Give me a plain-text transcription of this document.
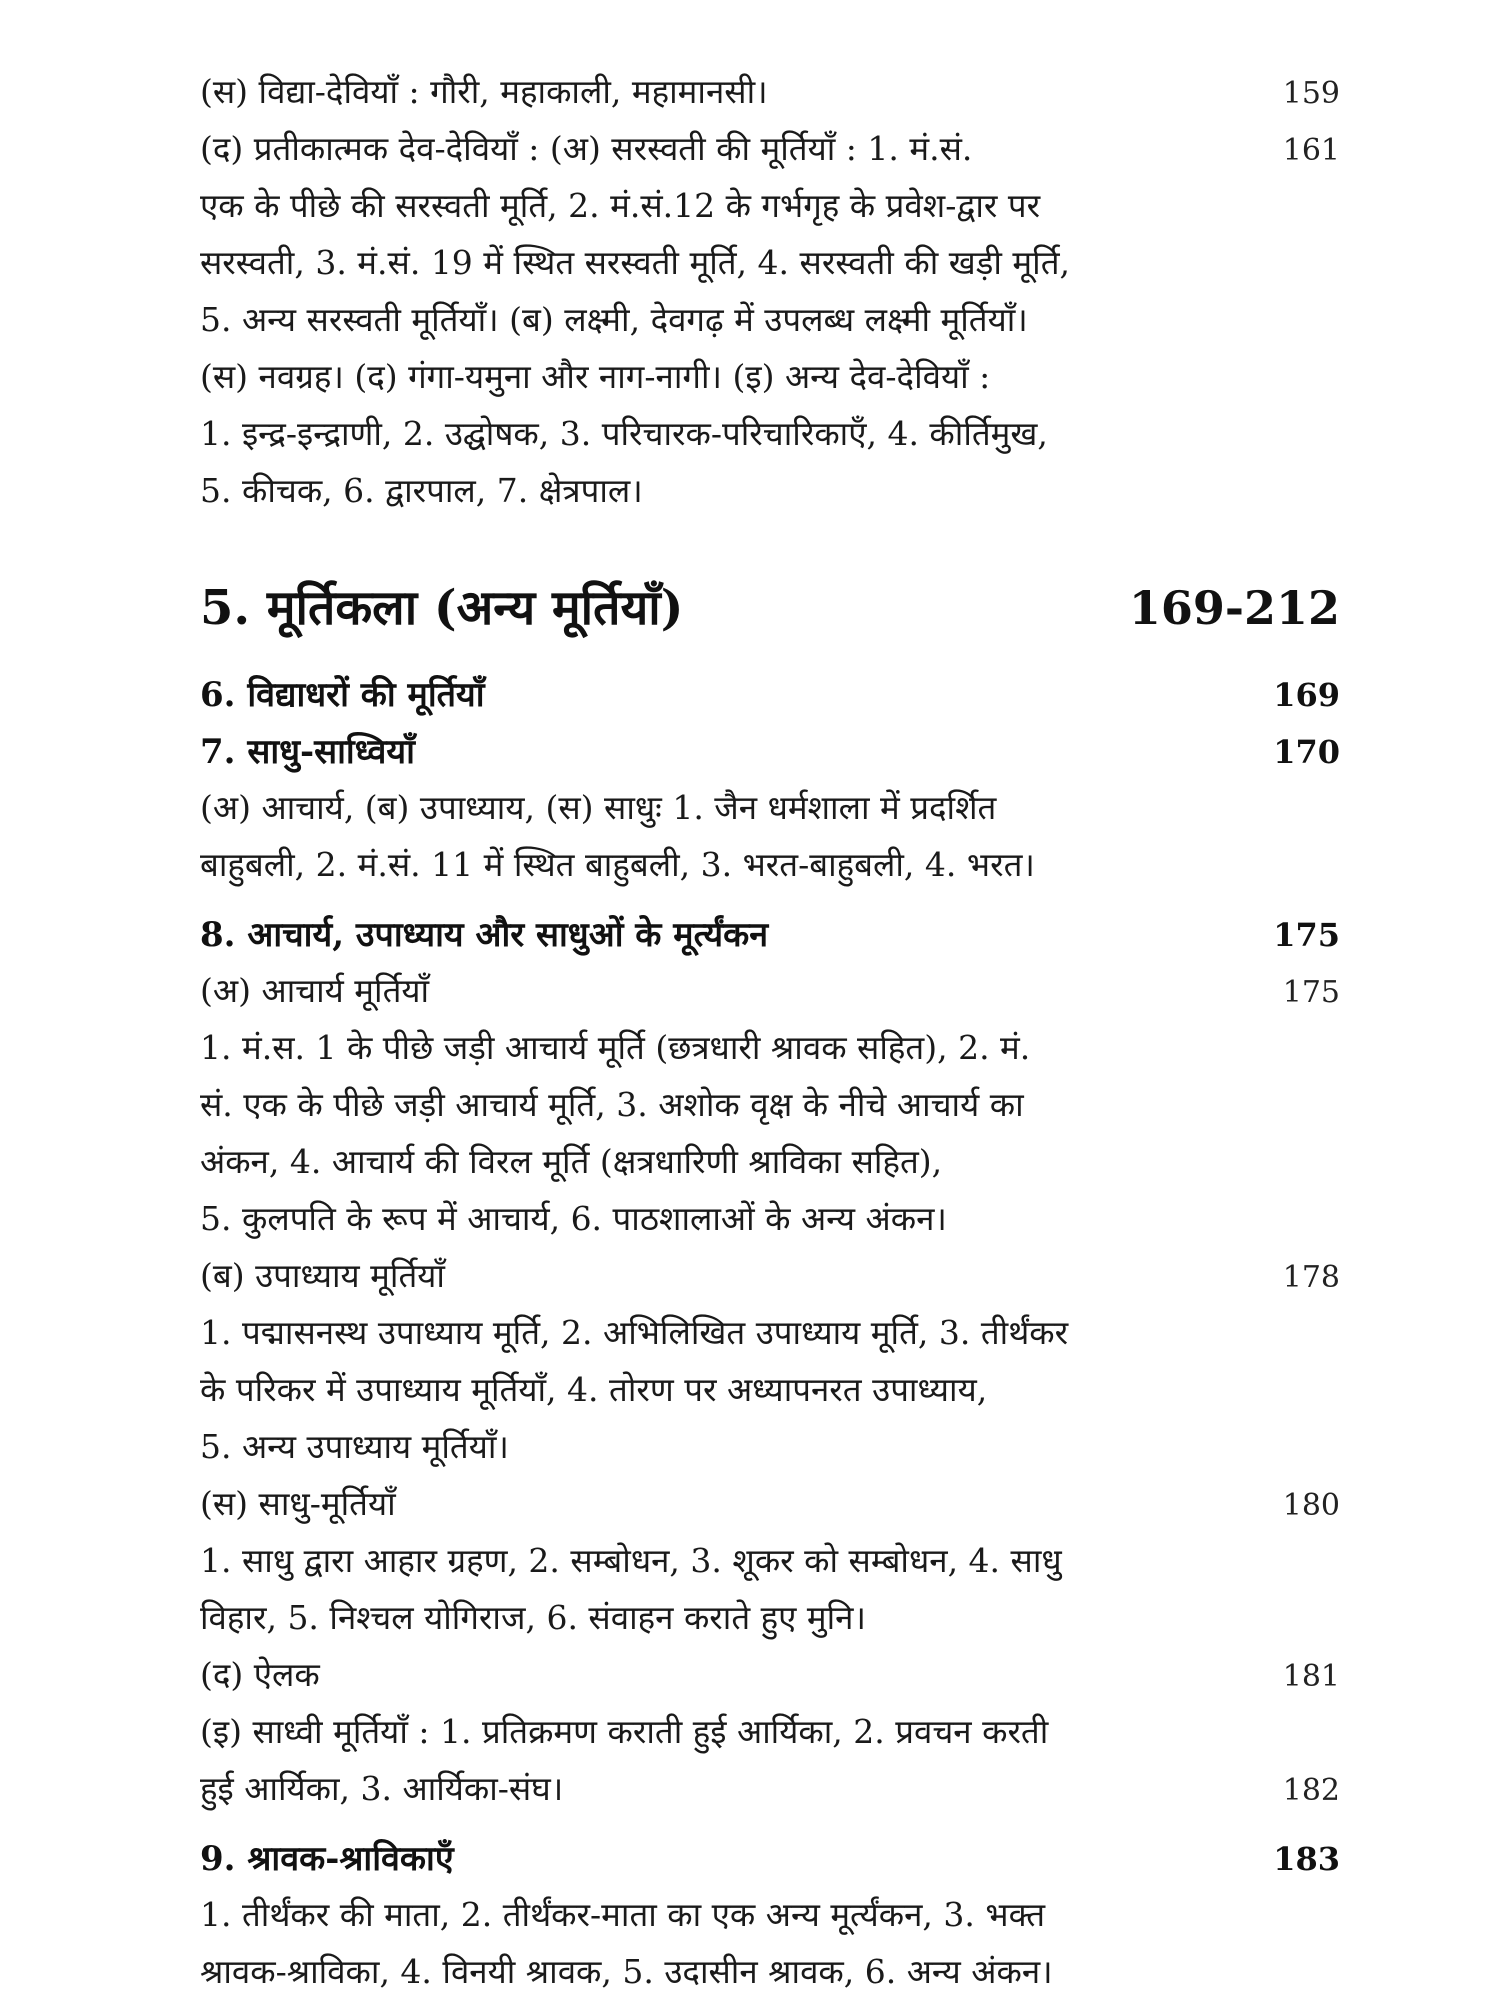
(स) विद्या-देवियाँ : गौरी, महाकाली, महामानसी।	159
(द) प्रतीकात्मक देव-देवियाँ : (अ) सरस्वती की मूर्तियाँ : 1. मं.सं.	161
एक के पीछे की सरस्वती मूर्ति, 2. मं.सं.12 के गर्भगृह के प्रवेश-द्वार पर
सरस्वती, 3. मं.सं. 19 में स्थित सरस्वती मूर्ति, 4. सरस्वती की खड़ी मूर्ति,
5. अन्य सरस्वती मूर्तियाँ। (ब) लक्ष्मी, देवगढ़ में उपलब्ध लक्ष्मी मूर्तियाँ।
(स) नवग्रह। (द) गंगा-यमुना और नाग-नागी। (इ) अन्य देव-देवियाँ :
1. इन्द्र-इन्द्राणी, 2. उद्घोषक, 3. परिचारक-परिचारिकाएँ, 4. कीर्तिमुख,
5. कीचक, 6. द्वारपाल, 7. क्षेत्रपाल।
5. मूर्तिकला (अन्य मूर्तियाँ)	169-212
6. विद्याधरों की मूर्तियाँ	169
7. साधु-साध्वियाँ	170
(अ) आचार्य, (ब) उपाध्याय, (स) साधुः 1. जैन धर्मशाला में प्रदर्शित
बाहुबली, 2. मं.सं. 11 में स्थित बाहुबली, 3. भरत-बाहुबली, 4. भरत।
8. आचार्य, उपाध्याय और साधुओं के मूर्त्यंकन	175
(अ) आचार्य मूर्तियाँ	175
1. मं.स. 1 के पीछे जड़ी आचार्य मूर्ति (छत्रधारी श्रावक सहित), 2. मं.
सं. एक के पीछे जड़ी आचार्य मूर्ति, 3. अशोक वृक्ष के नीचे आचार्य का
अंकन, 4. आचार्य की विरल मूर्ति (क्षत्रधारिणी श्राविका सहित),
5. कुलपति के रूप में आचार्य, 6. पाठशालाओं के अन्य अंकन।
(ब) उपाध्याय मूर्तियाँ	178
1. पद्मासनस्थ उपाध्याय मूर्ति, 2. अभिलिखित उपाध्याय मूर्ति, 3. तीर्थंकर
के परिकर में उपाध्याय मूर्तियाँ, 4. तोरण पर अध्यापनरत उपाध्याय,
5. अन्य उपाध्याय मूर्तियाँ।
(स) साधु-मूर्तियाँ	180
1. साधु द्वारा आहार ग्रहण, 2. सम्बोधन, 3. शूकर को सम्बोधन, 4. साधु
विहार, 5. निश्चल योगिराज, 6. संवाहन कराते हुए मुनि।
(द) ऐलक	181
(इ) साध्वी मूर्तियाँ : 1. प्रतिक्रमण कराती हुई आर्यिका, 2. प्रवचन करती
हुई आर्यिका, 3. आर्यिका-संघ।	182
9. श्रावक-श्राविकाएँ	183
1. तीर्थंकर की माता, 2. तीर्थंकर-माता का एक अन्य मूर्त्यंकन, 3. भक्त
श्रावक-श्राविका, 4. विनयी श्रावक, 5. उदासीन श्रावक, 6. अन्य अंकन।
